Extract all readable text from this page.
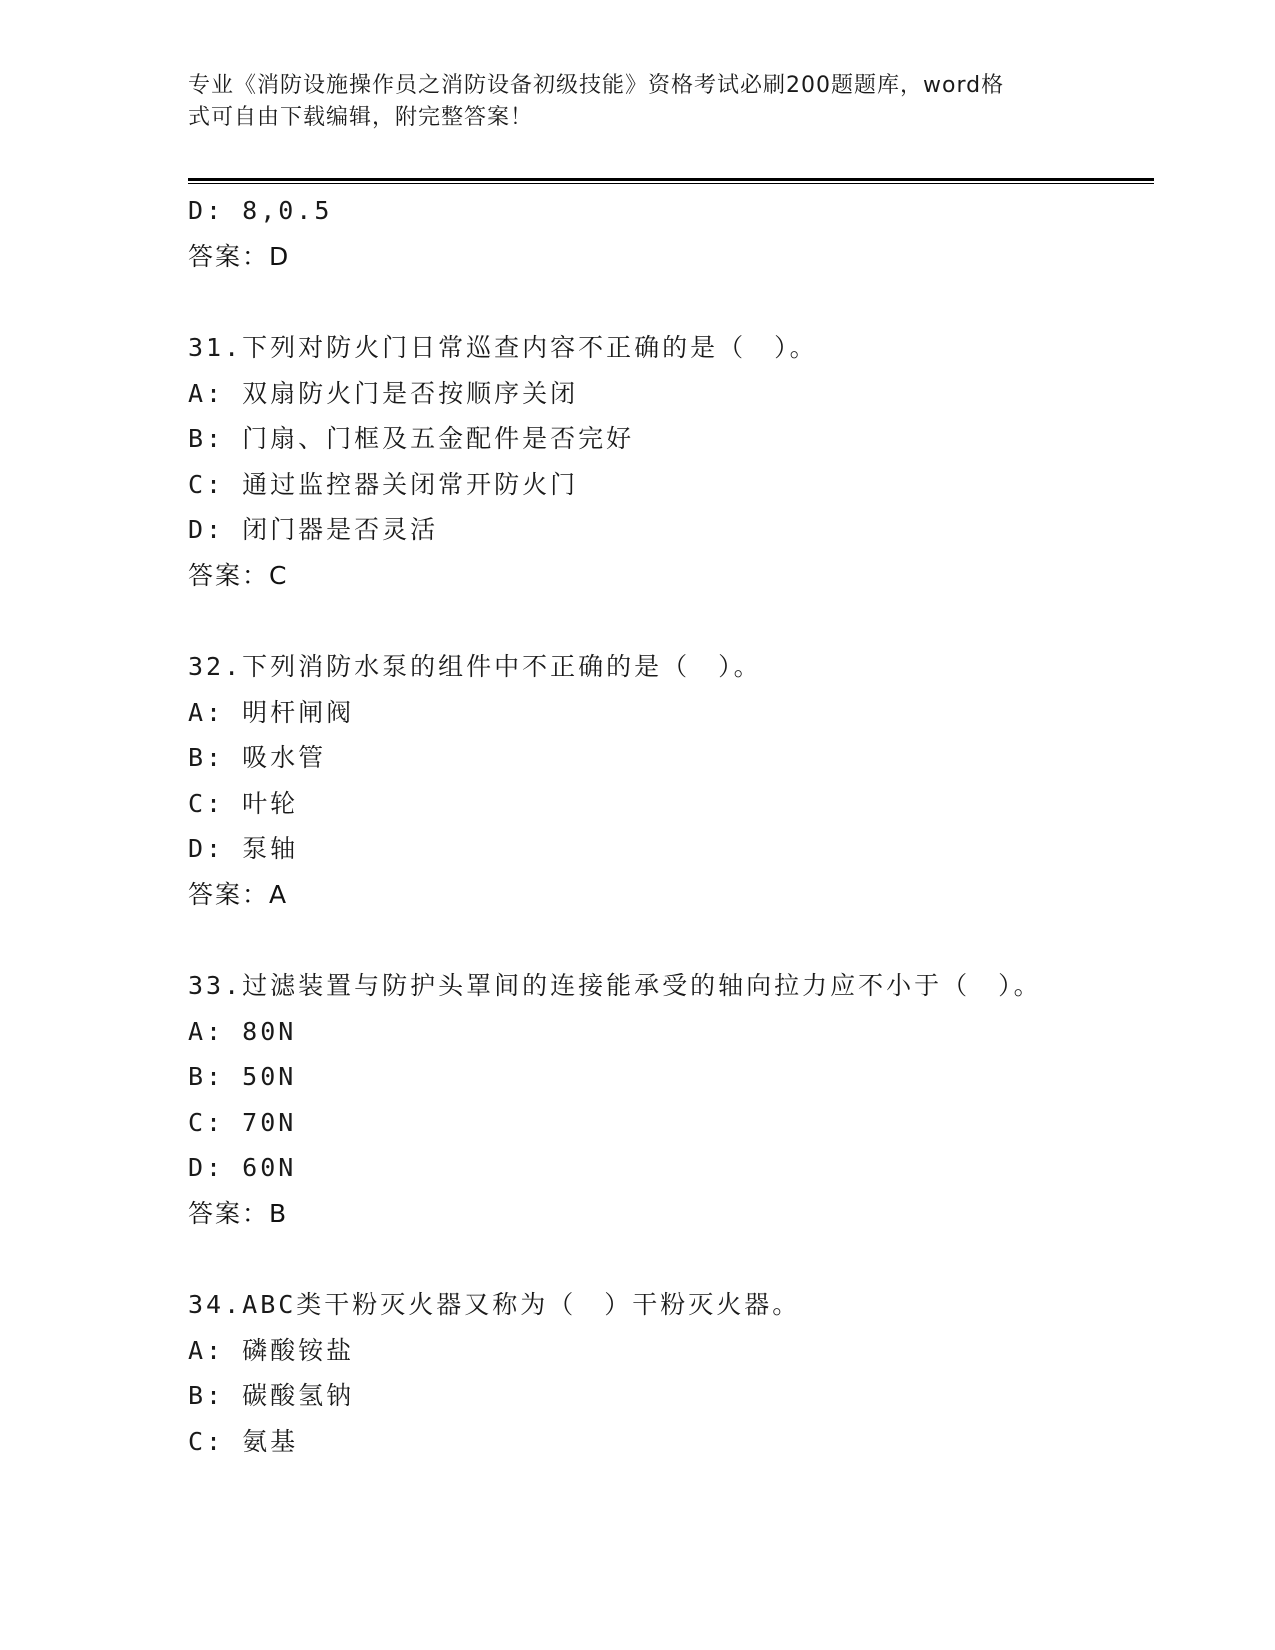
专业《消防设施操作员之消防设备初级技能》资格考试必刷200题题库，word格
式可自由下载编辑，附完整答案！
D: 8,0.5
答案：D
31.下列对防火门日常巡查内容不正确的是（　）。
A: 双扇防火门是否按顺序关闭
B: 门扇、门框及五金配件是否完好
C: 通过监控器关闭常开防火门
D: 闭门器是否灵活
答案：C
32.下列消防水泵的组件中不正确的是（　）。
A: 明杆闸阀
B: 吸水管
C: 叶轮
D: 泵轴
答案：A
33.过滤装置与防护头罩间的连接能承受的轴向拉力应不小于（　）。
A: 80N
B: 50N
C: 70N
D: 60N
答案：B
34.ABC类干粉灭火器又称为（　）干粉灭火器。
A: 磷酸铵盐
B: 碳酸氢钠
C: 氨基
